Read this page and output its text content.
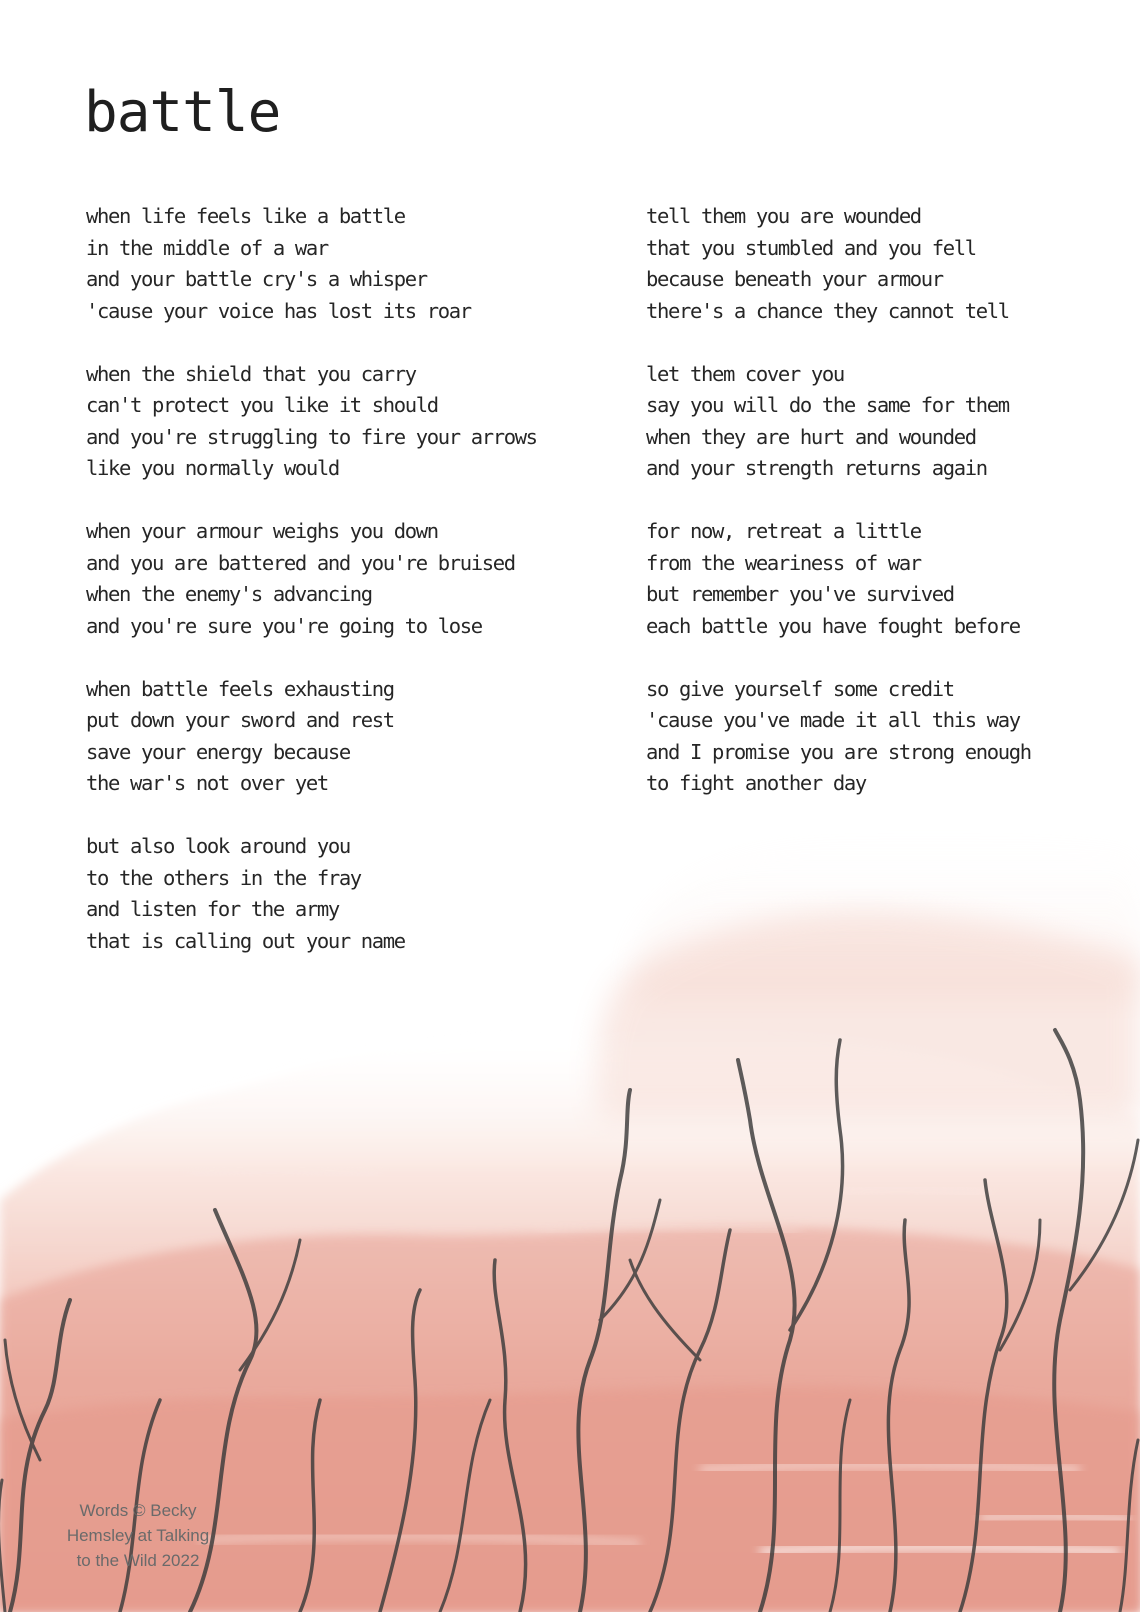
battle

when life feels like a battle
in the middle of a war
and your battle cry's a whisper
'cause your voice has lost its roar

when the shield that you carry
can't protect you like it should
and you're struggling to fire your arrows
like you normally would

when your armour weighs you down
and you are battered and you're bruised
when the enemy's advancing
and you're sure you're going to lose

when battle feels exhausting
put down your sword and rest
save your energy because
the war's not over yet

but also look around you
to the others in the fray
and listen for the army
that is calling out your name

tell them you are wounded
that you stumbled and you fell
because beneath your armour
there's a chance they cannot tell

let them cover you
say you will do the same for them
when they are hurt and wounded
and your strength returns again

for now, retreat a little
from the weariness of war
but remember you've survived
each battle you have fought before

so give yourself some credit
'cause you've made it all this way
and I promise you are strong enough
to fight another day

Words © Becky
Hemsley at Talking
to the Wild 2022
